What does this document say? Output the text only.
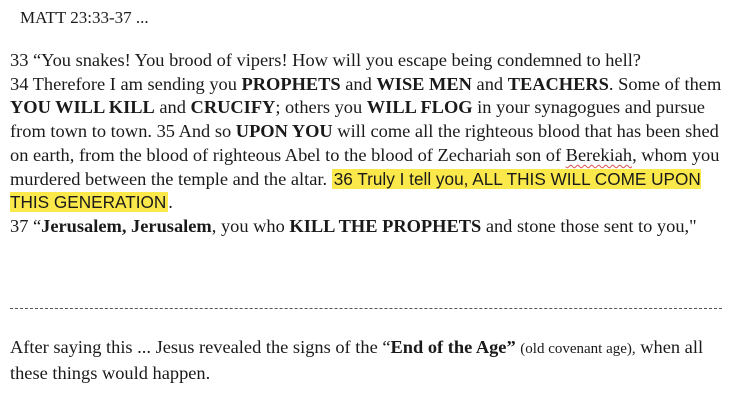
MATT 23:33-37 ...

33 “You snakes! You brood of vipers! How will you escape being condemned to hell?
34 Therefore I am sending you PROPHETS and WISE MEN and TEACHERS. Some of them YOU WILL KILL and CRUCIFY; others you WILL FLOG in your synagogues and pursue from town to town. 35 And so UPON YOU will come all the righteous blood that has been shed on earth, from the blood of righteous Abel to the blood of Zechariah son of Berekiah, whom you murdered between the temple and the altar. 36 Truly I tell you, ALL THIS WILL COME UPON THIS GENERATION .
37 “Jerusalem, Jerusalem, you who KILL THE PROPHETS and stone those sent to you,"

After saying this ... Jesus revealed the signs of the “End of the Age” (old covenant age), when all these things would happen.
